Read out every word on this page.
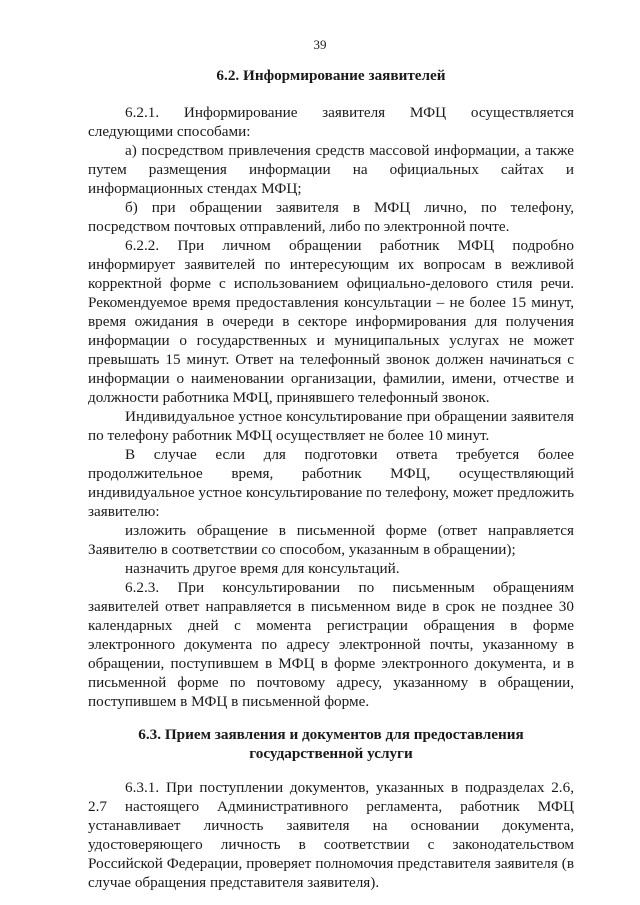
39
6.2. Информирование заявителей

6.2.1. Информирование заявителя МФЦ осуществляется следующими способами:

а) посредством привлечения средств массовой информации, а также путем размещения информации на официальных сайтах и информационных стендах МФЦ;

б) при обращении заявителя в МФЦ лично, по телефону, посредством почтовых отправлений, либо по электронной почте.

6.2.2. При личном обращении работник МФЦ подробно информирует заявителей по интересующим их вопросам в вежливой корректной форме с использованием официально-делового стиля речи. Рекомендуемое время предоставления консультации – не более 15 минут, время ожидания в очереди в секторе информирования для получения информации о государственных и муниципальных услугах не может превышать 15 минут. Ответ на телефонный звонок должен начинаться с информации о наименовании организации, фамилии, имени, отчестве и должности работника МФЦ, принявшего телефонный звонок.

Индивидуальное устное консультирование при обращении заявителя по телефону работник МФЦ осуществляет не более 10 минут.

В случае если для подготовки ответа требуется более продолжительное время, работник МФЦ, осуществляющий индивидуальное устное консультирование по телефону, может предложить заявителю:

изложить обращение в письменной форме (ответ направляется Заявителю в соответствии со способом, указанным в обращении);

назначить другое время для консультаций.

6.2.3. При консультировании по письменным обращениям заявителей ответ направляется в письменном виде в срок не позднее 30 календарных дней с момента регистрации обращения в форме электронного документа по адресу электронной почты, указанному в обращении, поступившем в МФЦ в форме электронного документа, и в письменной форме по почтовому адресу, указанному в обращении, поступившем в МФЦ в письменной форме.

6.3. Прием заявления и документов для предоставления
государственной услуги

6.3.1. При поступлении документов, указанных в подразделах 2.6, 2.7 настоящего Административного регламента, работник МФЦ устанавливает личность заявителя на основании документа, удостоверяющего личность в соответствии с законодательством Российской Федерации, проверяет полномочия представителя заявителя (в случае обращения представителя заявителя).
